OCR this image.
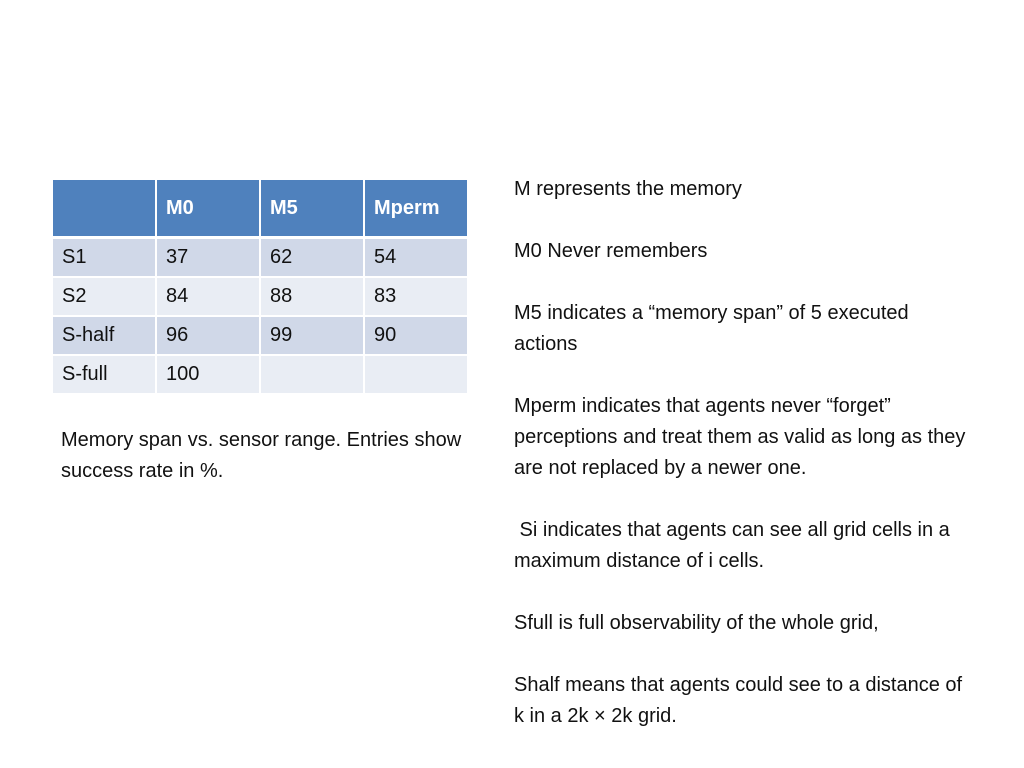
	M0	M5	Mperm
S1	37	62	54
S2	84	88	83
S-half	96	99	90
S-full	100		

Memory span vs. sensor range. Entries show success rate in %.

M represents the memory

M0 Never remembers

M5 indicates a “memory span” of 5 executed actions

Mperm indicates that agents never “forget” perceptions and treat them as valid as long as they are not replaced by a newer one.

Si indicates that agents can see all grid cells in a maximum distance of i cells.

Sfull is full observability of the whole grid,

Shalf means that agents could see to a distance of k in a 2k × 2k grid.
